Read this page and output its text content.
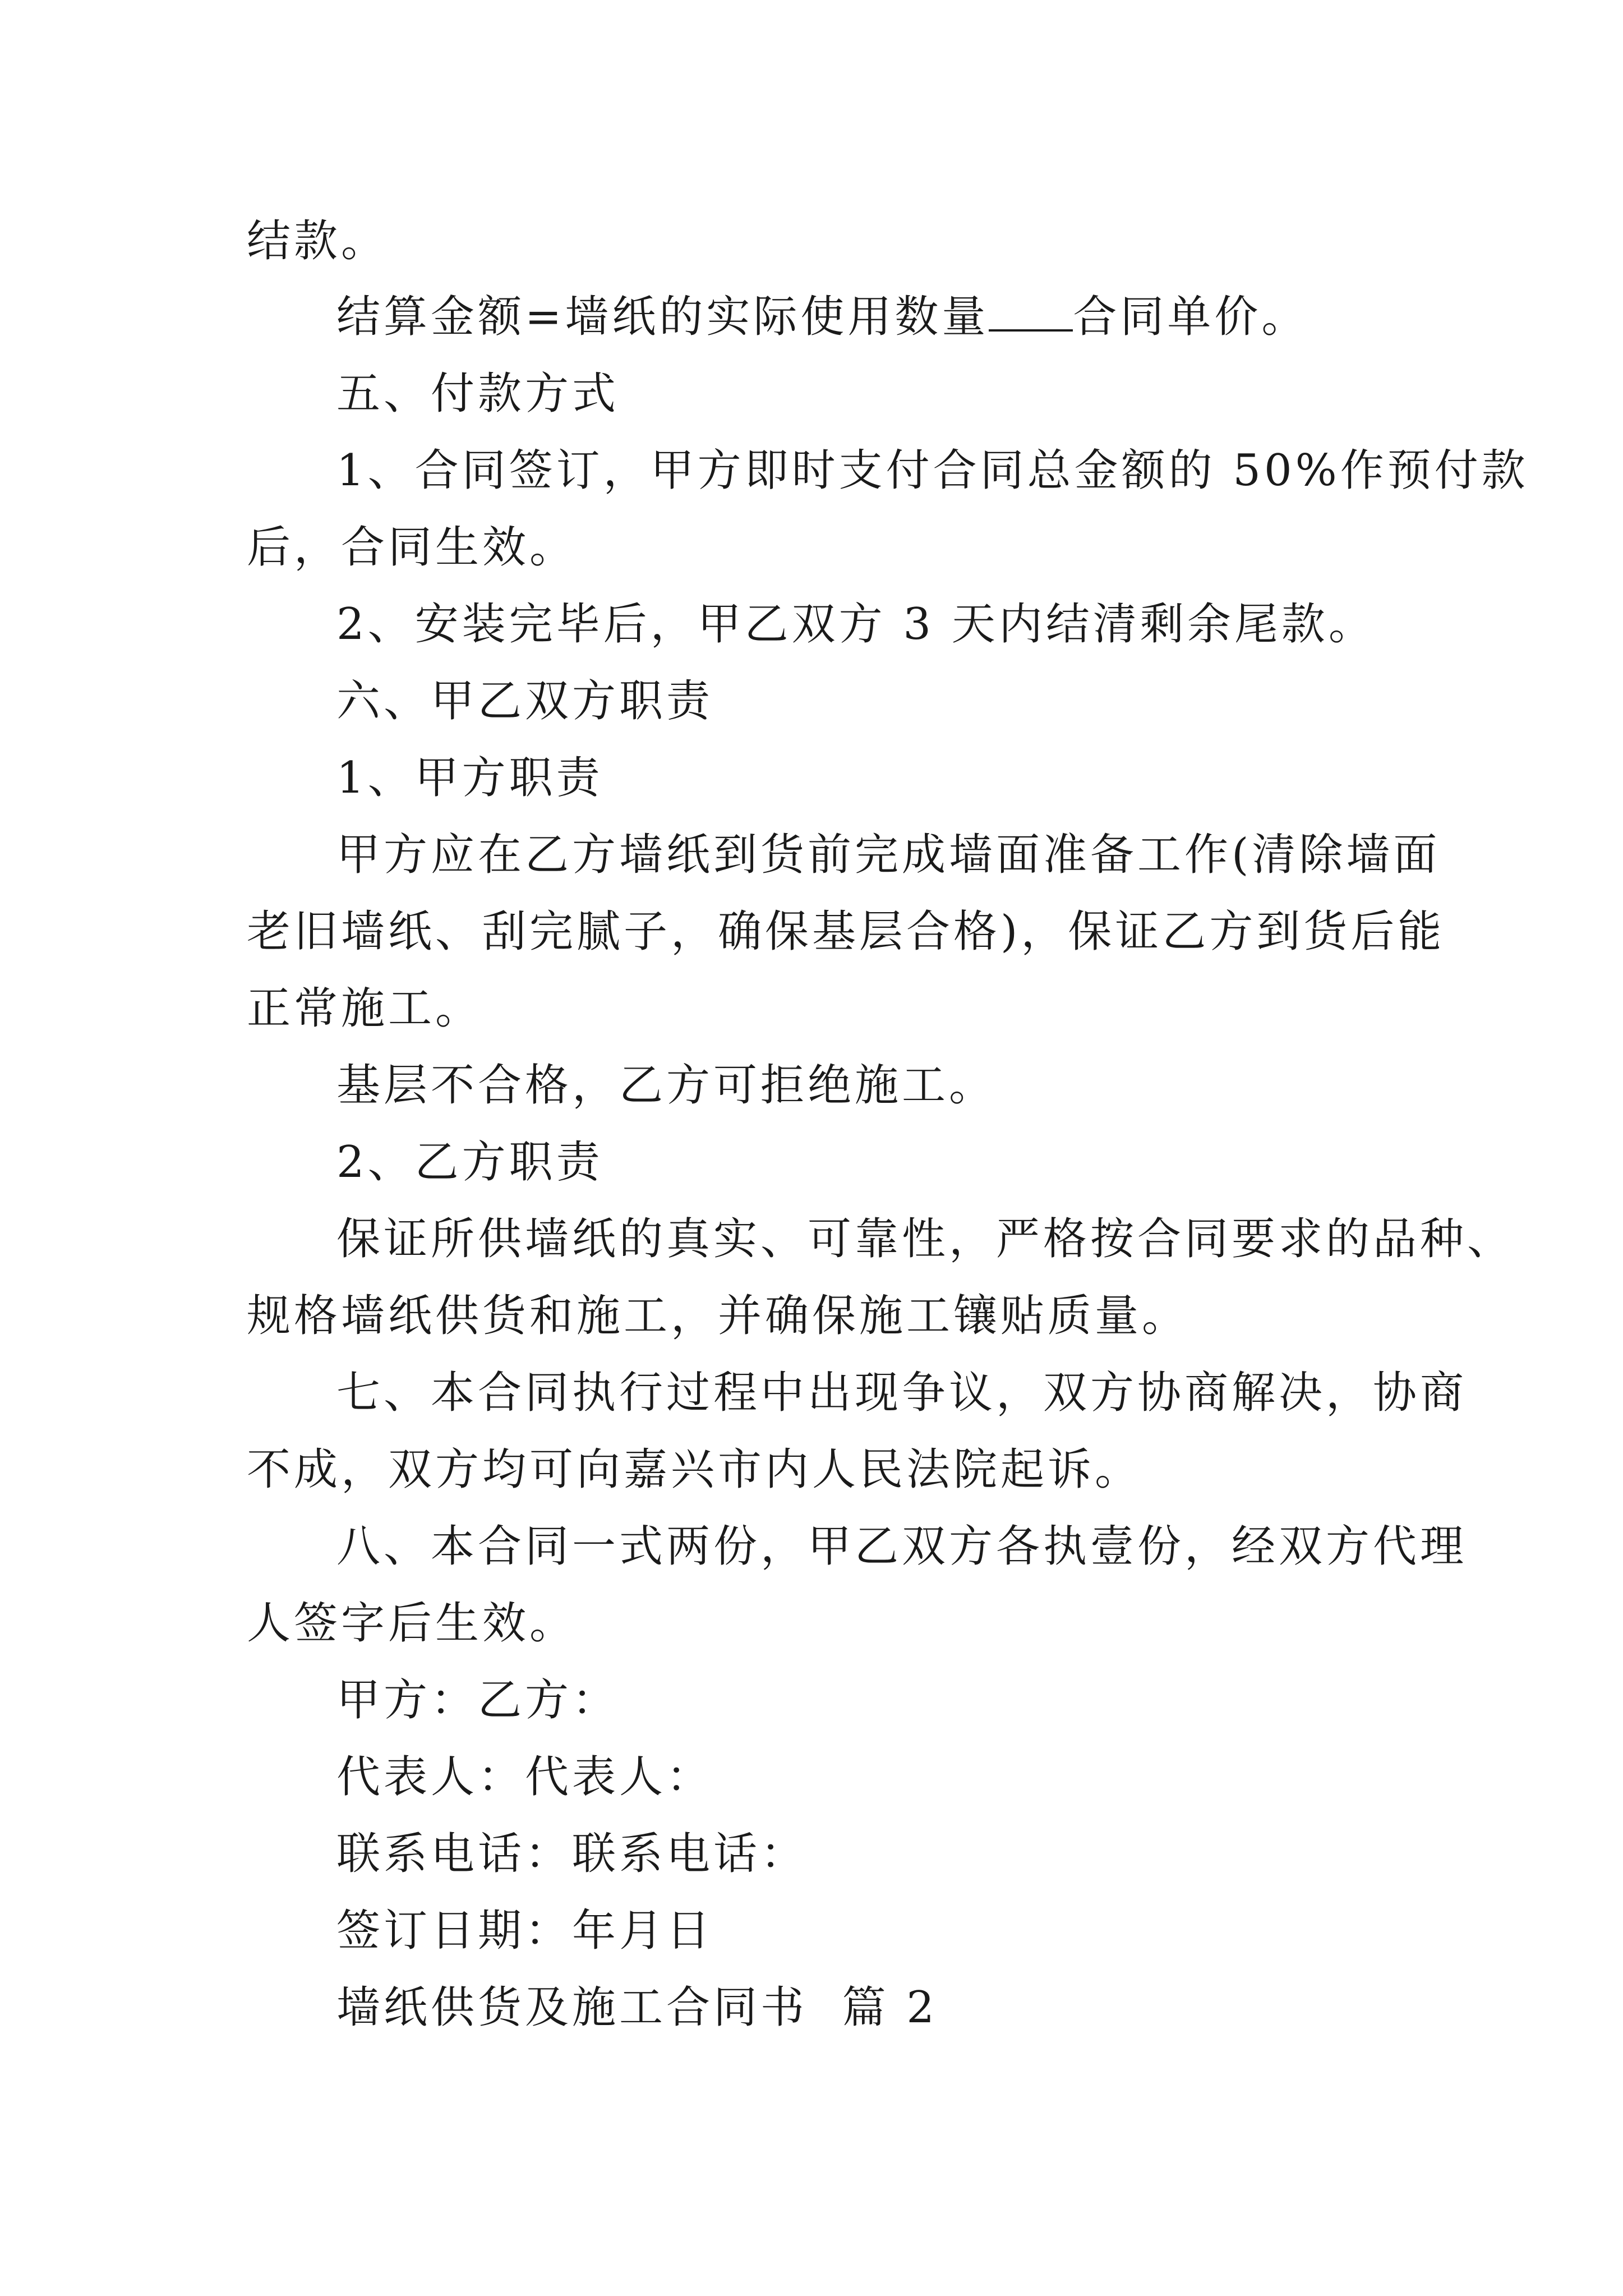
结款。

结算金额=墙纸的实际使用数量 合同单价。

五、付款方式

1、合同签订，甲方即时支付合同总金额的 50%作预付款

后，合同生效。

2、安装完毕后，甲乙双方 3 天内结清剩余尾款。

六、甲乙双方职责

1、甲方职责

甲方应在乙方墙纸到货前完成墙面准备工作(清除墙面

老旧墙纸、刮完腻子，确保基层合格)，保证乙方到货后能

正常施工。

基层不合格，乙方可拒绝施工。

2、乙方职责

保证所供墙纸的真实、可靠性，严格按合同要求的品种、

规格墙纸供货和施工，并确保施工镶贴质量。

七、本合同执行过程中出现争议，双方协商解决，协商

不成，双方均可向嘉兴市内人民法院起诉。

八、本合同一式两份，甲乙双方各执壹份，经双方代理

人签字后生效。

甲方：乙方：

代表人：代表人：

联系电话：联系电话：

签订日期：年月日

墙纸供货及施工合同书  篇 2
